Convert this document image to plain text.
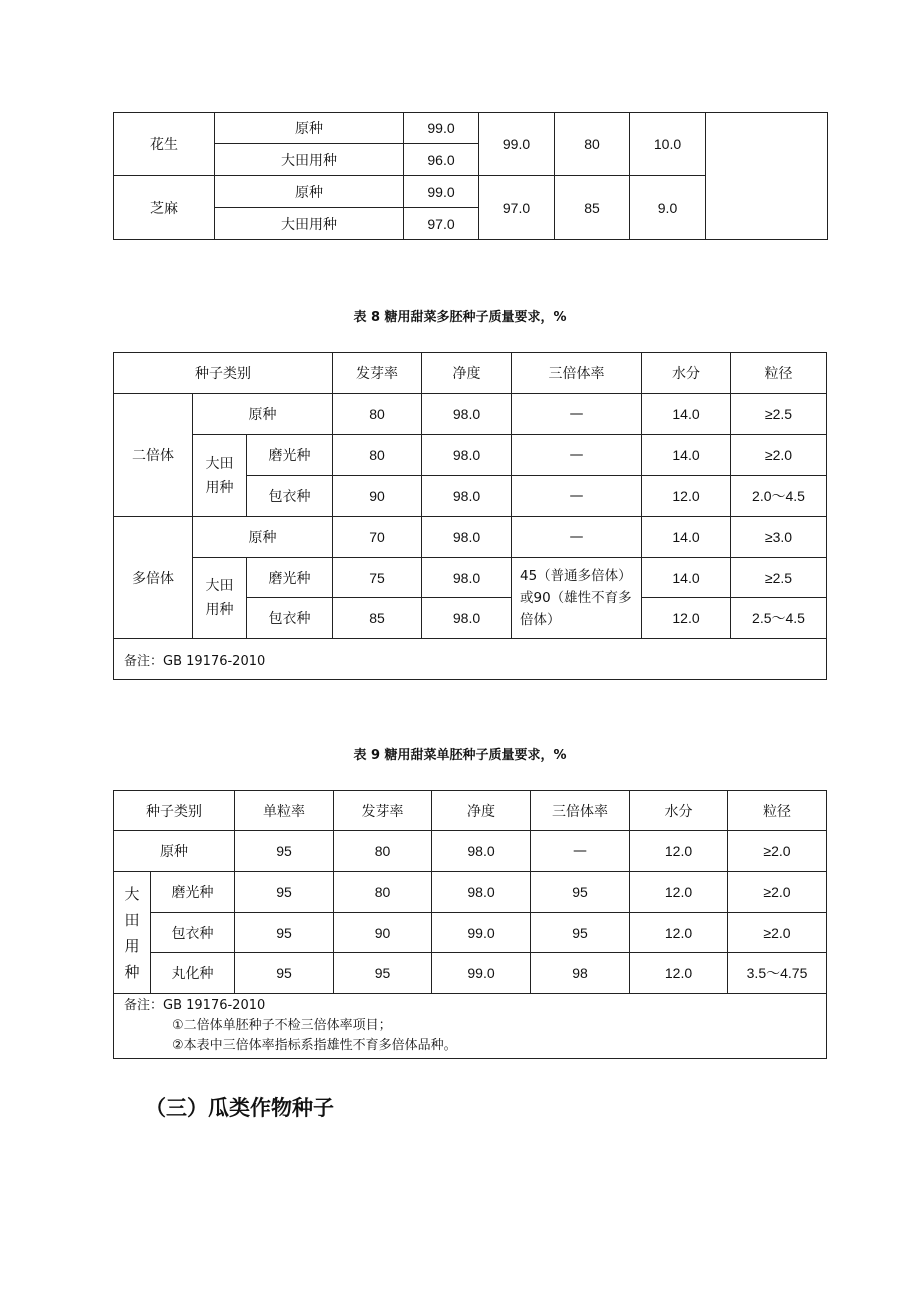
花生	原种	99.0	99.0	80	10.0	
	大田用种	96.0				
芝麻	原种	99.0	97.0	85	9.0	
	大田用种	97.0				
表 8 糖用甜菜多胚种子质量要求，%
种子类别			发芽率	净度	三倍体率	水分	粒径
二倍体	原种		80	98.0	—	14.0	≥2.5
	大田用种	磨光种	80	98.0	—	14.0	≥2.0
		包衣种	90	98.0	—	12.0	2.0～4.5
多倍体	原种		70	98.0	—	14.0	≥3.0
	大田用种	磨光种	75	98.0	45（普通多倍体）或90（雄性不育多倍体）	14.0	≥2.5
		包衣种	85	98.0		12.0	2.5～4.5
备注：GB 19176-2010							
表 9 糖用甜菜单胚种子质量要求，%
种子类别		单粒率	发芽率	净度	三倍体率	水分	粒径
原种		95	80	98.0	—	12.0	≥2.0

大
田
用
种	磨光种	95	80	98.0	95	12.0	≥2.0
	包衣种	95	90	99.0	95	12.0	≥2.0
	丸化种	95	95	99.0	98	12.0	3.5～4.75

备注：GB 19176-2010
①二倍体单胚种子不检三倍体率项目；
②本表中三倍体率指标系指雄性不育多倍体品种。							
（三）瓜类作物种子
